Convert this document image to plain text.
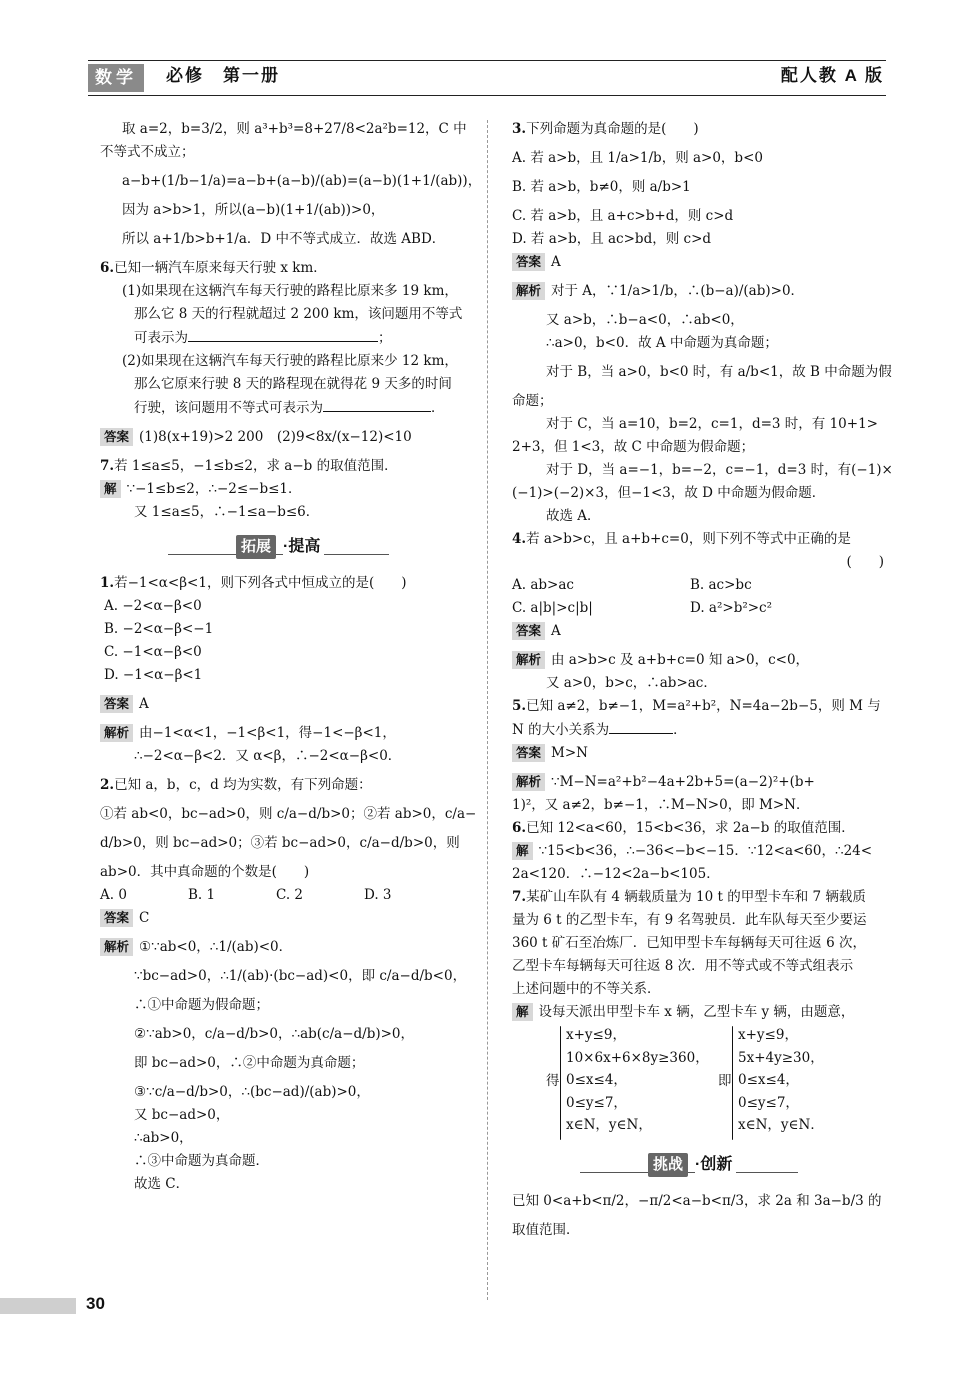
数学	必修　第一册	配人教 A 版

取 a=2，b=3/2，则 a³+b³=8+27/8<2a²b=12，C 中

不等式不成立；

a−b+(1/b−1/a)=a−b+(a−b)/(ab)=(a−b)(1+1/(ab))，

因为 a>b>1，所以(a−b)(1+1/(ab))>0，

所以 a+1/b>b+1/a．D 中不等式成立．故选 ABD．

6.已知一辆汽车原来每天行驶 x km．

(1)如果现在这辆汽车每天行驶的路程比原来多 19 km，

那么它 8 天的行程就超过 2 200 km，该问题用不等式

可表示为	；

(2)如果现在这辆汽车每天行驶的路程比原来少 12 km，

那么它原来行驶 8 天的路程现在就得花 9 天多的时间

行驶，该问题用不等式可表示为	．

答案 (1)8(x+19)>2 200　(2)9<8x/(x−12)<10

7.若 1≤a≤5，−1≤b≤2，求 a−b 的取值范围．

解 ∵−1≤b≤2，∴−2≤−b≤1．

又 1≤a≤5，∴−1≤a−b≤6．

拓展 ·提高

1.若−1<α<β<1，则下列各式中恒成立的是(　　)

A. −2<α−β<0

B. −2<α−β<−1

C. −1<α−β<0

D. −1<α−β<1

答案 A

解析 由−1<α<1，−1<β<1，得−1<−β<1，

∴−2<α−β<2．又 α<β，∴−2<α−β<0．

2.已知 a，b，c，d 均为实数，有下列命题：

①若 ab<0，bc−ad>0，则 c/a−d/b>0；②若 ab>0，c/a−

d/b>0，则 bc−ad>0；③若 bc−ad>0，c/a−d/b>0，则

ab>0．其中真命题的个数是(　　)

A. 0	B. 1	C. 2	D. 3

答案 C

解析 ①∵ab<0，∴1/(ab)<0．

∵bc−ad>0，∴1/(ab)·(bc−ad)<0，即 c/a−d/b<0，

∴①中命题为假命题；

②∵ab>0，c/a−d/b>0，∴ab(c/a−d/b)>0，

即 bc−ad>0，∴②中命题为真命题；

③∵c/a−d/b>0，∴(bc−ad)/(ab)>0，

又 bc−ad>0，

∴ab>0，

∴③中命题为真命题．

故选 C．

3.下列命题为真命题的是(　　)

A. 若 a>b，且 1/a>1/b，则 a>0，b<0

B. 若 a>b，b≠0，则 a/b>1

C. 若 a>b，且 a+c>b+d，则 c>d

D. 若 a>b，且 ac>bd，则 c>d

答案 A

解析 对于 A，∵1/a>1/b，∴(b−a)/(ab)>0．

又 a>b，∴b−a<0，∴ab<0，

∴a>0，b<0．故 A 中命题为真命题；

对于 B，当 a>0，b<0 时，有 a/b<1，故 B 中命题为假

命题；

对于 C，当 a=10，b=2，c=1，d=3 时，有 10+1>

2+3，但 1<3，故 C 中命题为假命题；

对于 D，当 a=−1，b=−2，c=−1，d=3 时，有(−1)×

(−1)>(−2)×3，但−1<3，故 D 中命题为假命题．

故选 A．

4.若 a>b>c，且 a+b+c=0，则下列不等式中正确的是

(　　)

A. ab>ac	B. ac>bc

C. a|b|>c|b|	D. a²>b²>c²

答案 A

解析 由 a>b>c 及 a+b+c=0 知 a>0，c<0，

又 a>0，b>c，∴ab>ac．

5.已知 a≠2，b≠−1，M=a²+b²，N=4a−2b−5，则 M 与

N 的大小关系为	．

答案 M>N

解析 ∵M−N=a²+b²−4a+2b+5=(a−2)²+(b+

1)²，又 a≠2，b≠−1，∴M−N>0，即 M>N．

6.已知 12<a<60，15<b<36，求 2a−b 的取值范围．

解 ∵15<b<36，∴−36<−b<−15．∵12<a<60，∴24<

2a<120．∴−12<2a−b<105．

7.某矿山车队有 4 辆载质量为 10 t 的甲型卡车和 7 辆载质

量为 6 t 的乙型卡车，有 9 名驾驶员．此车队每天至少要运

360 t 矿石至冶炼厂．已知甲型卡车每辆每天可往返 6 次，

乙型卡车每辆每天可往返 8 次．用不等式或不等式组表示

上述问题中的不等关系．

解 设每天派出甲型卡车 x 辆，乙型卡车 y 辆，由题意，

得
x+y≤9，
10×6x+6×8y≥360，
0≤x≤4，
0≤y≤7，
x∈N，y∈N，
即
x+y≤9，
5x+4y≥30，
0≤x≤4，
0≤y≤7，
x∈N，y∈N．
挑战 ·创新

已知 0<a+b<π/2，−π/2<a−b<π/3，求 2a 和 3a−b/3 的

取值范围．

30
